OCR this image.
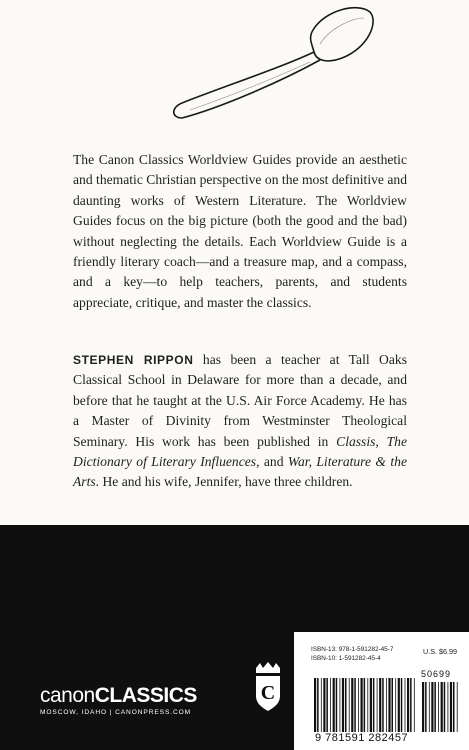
The Canon Classics Worldview Guides provide an aesthetic and thematic Christian perspective on the most definitive and daunting works of Western Literature. The Worldview Guides focus on the big picture (both the good and the bad) without neglecting the details. Each Worldview Guide is a friendly literary coach—and a treasure map, and a compass, and a key—to help teachers, parents, and students appreciate, critique, and master the classics.

STEPHEN RIPPON has been a teacher at Tall Oaks Classical School in Delaware for more than a decade, and before that he taught at the U.S. Air Force Academy. He has a Master of Divinity from Westminster Theological Seminary. His work has been published in Classis, The Dictionary of Literary Influences, and War, Literature & the Arts. He and his wife, Jennifer, have three children.

canonCLASSICS
MOSCOW, IDAHO | CANONPRESS.COM
C
ISBN-13: 978-1-591282-45-7
ISBN-10: 1-591282-45-4
U.S. $6.99
50699
9 781591 282457
